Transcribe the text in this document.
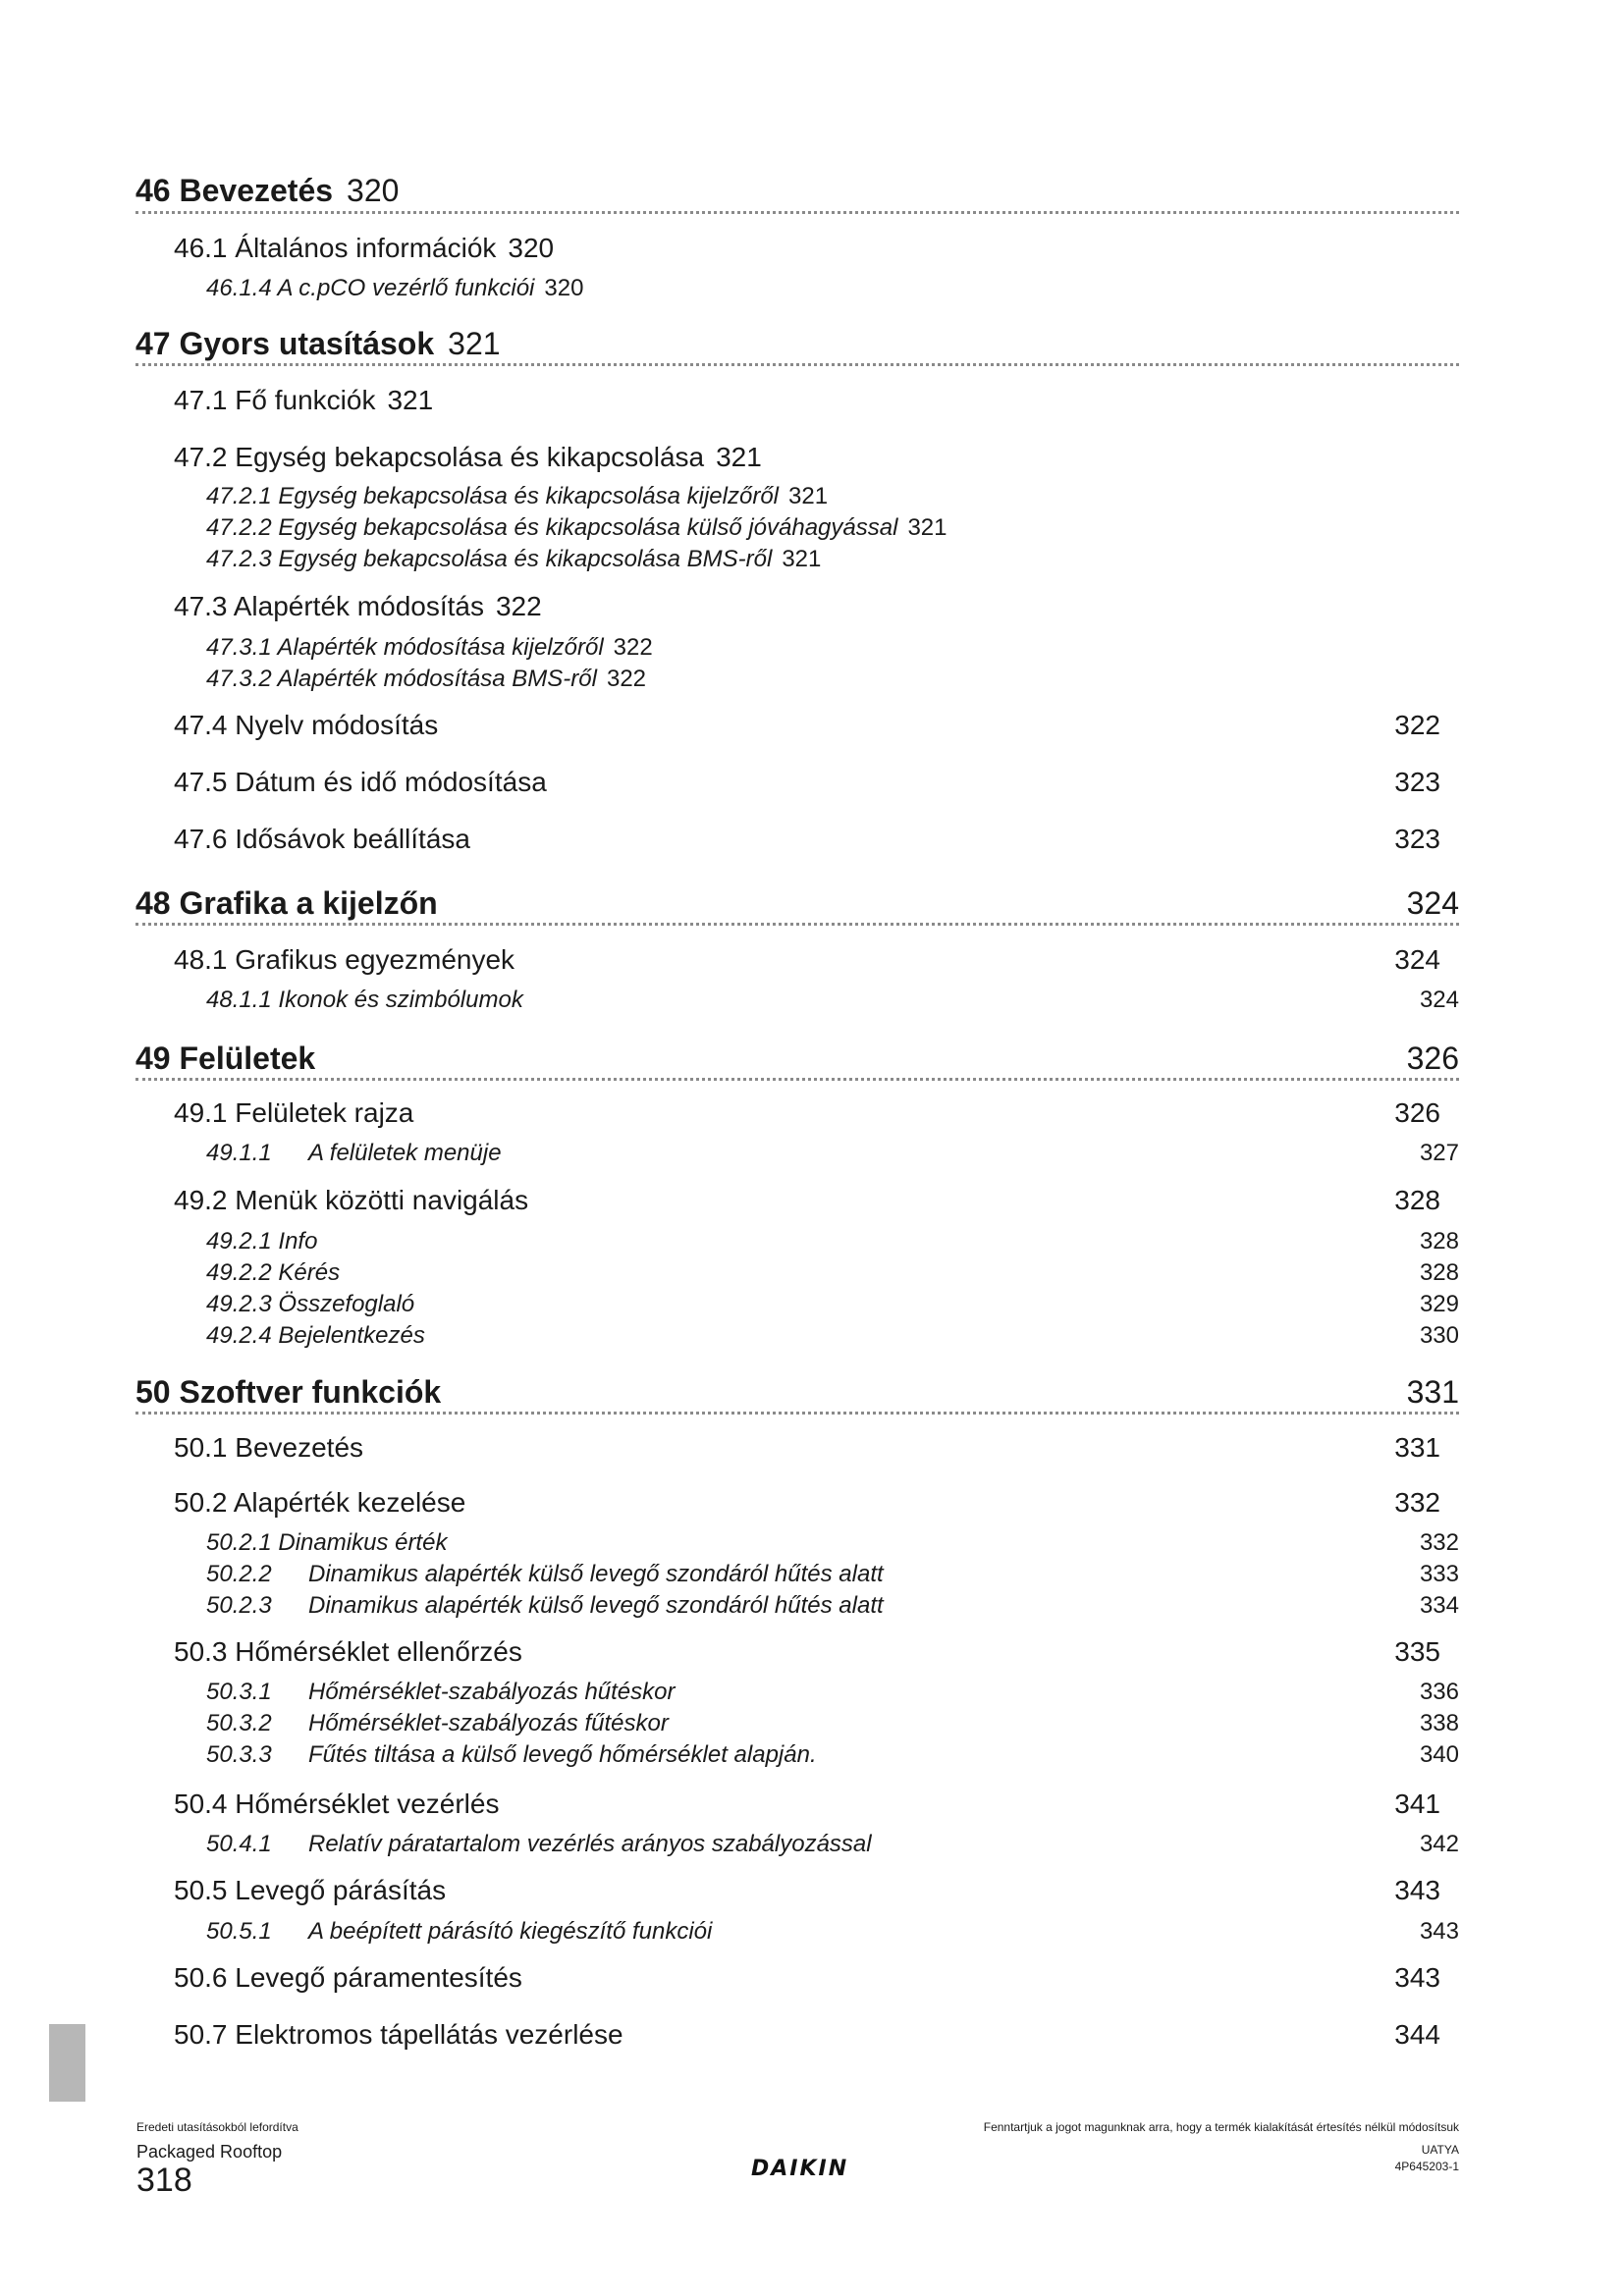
46 Bevezetés 320
46.1 Általános információk 320
46.1.4 A c.pCO vezérlő funkciói 320
47 Gyors utasítások 321
47.1 Fő funkciók 321
47.2 Egység bekapcsolása és kikapcsolása 321
47.2.1 Egység bekapcsolása és kikapcsolása kijelzőről 321
47.2.2 Egység bekapcsolása és kikapcsolása külső jóváhagyással 321
47.2.3 Egység bekapcsolása és kikapcsolása BMS-ről 321
47.3 Alapérték módosítás 322
47.3.1 Alapérték módosítása kijelzőről 322
47.3.2 Alapérték módosítása BMS-ről 322
47.4 Nyelv módosítás	322
47.5 Dátum és idő módosítása	323
47.6 Idősávok beállítása	323
48 Grafika a kijelzőn	324
48.1 Grafikus egyezmények	324
48.1.1 Ikonok és szimbólumok	324
49 Felületek	326
49.1 Felületek rajza	326
49.1.1 A felületek menüje	327
49.2 Menük közötti navigálás	328
49.2.1 Info	328
49.2.2 Kérés	328
49.2.3 Összefoglaló	329
49.2.4 Bejelentkezés	330
50 Szoftver funkciók	331
50.1 Bevezetés	331
50.2 Alapérték kezelése	332
50.2.1 Dinamikus érték	332
50.2.2 Dinamikus alapérték külső levegő szondáról hűtés alatt	333
50.2.3 Dinamikus alapérték külső levegő szondáról hűtés alatt	334
50.3 Hőmérséklet ellenőrzés	335
50.3.1 Hőmérséklet-szabályozás hűtéskor	336
50.3.2 Hőmérséklet-szabályozás fűtéskor	338
50.3.3 Fűtés tiltása a külső levegő hőmérséklet alapján.	340
50.4 Hőmérséklet vezérlés	341
50.4.1 Relatív páratartalom vezérlés arányos szabályozással	342
50.5 Levegő párásítás	343
50.5.1 A beépített párásító kiegészítő funkciói	343
50.6 Levegő páramentesítés	343
50.7 Elektromos tápellátás vezérlése	344
Eredeti utasításokból lefordítva
Packaged Rooftop
318	DAIKIN
Fenntartjuk a jogot magunknak arra, hogy a termék kialakítását értesítés nélkül módosítsuk
UATYA
4P645203-1
